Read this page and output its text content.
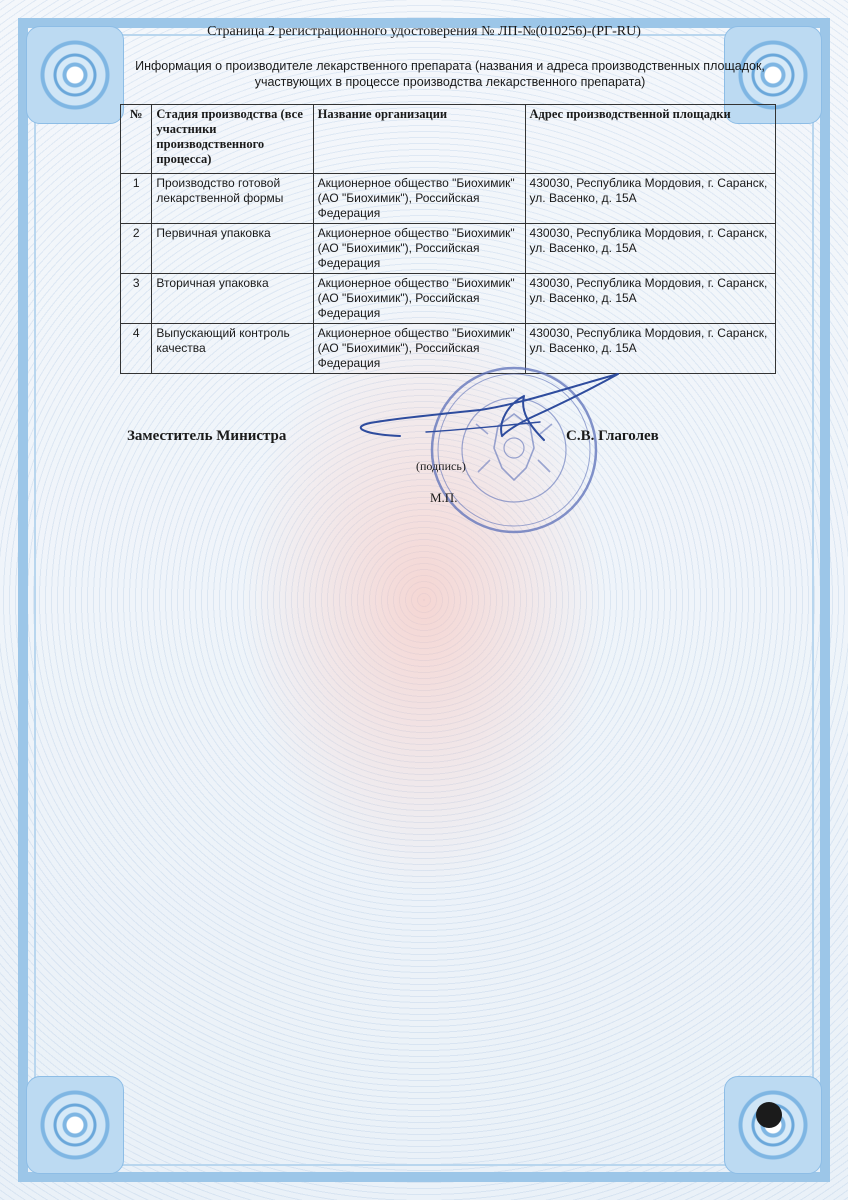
Страница 2 регистрационного удостоверения № ЛП-№(010256)-(РГ-RU)
Информация о производителе лекарственного препарата (названия и адреса производственных площадок,
участвующих в процессе производства лекарственного препарата)
№	Стадия производства (все участники производственного процесса)	Название организации	Адрес производственной площадки
1	Производство готовой лекарственной формы	Акционерное общество "Биохимик" (АО "Биохимик"), Российская Федерация	430030, Республика Мордовия, г. Саранск, ул. Васенко, д. 15А
2	Первичная упаковка	Акционерное общество "Биохимик" (АО "Биохимик"), Российская Федерация	430030, Республика Мордовия, г. Саранск, ул. Васенко, д. 15А
3	Вторичная упаковка	Акционерное общество "Биохимик" (АО "Биохимик"), Российская Федерация	430030, Республика Мордовия, г. Саранск, ул. Васенко, д. 15А
4	Выпускающий контроль качества	Акционерное общество "Биохимик" (АО "Биохимик"), Российская Федерация	430030, Республика Мордовия, г. Саранск, ул. Васенко, д. 15А
Заместитель Министра	С.В. Глаголев
(подпись)
М.П.
